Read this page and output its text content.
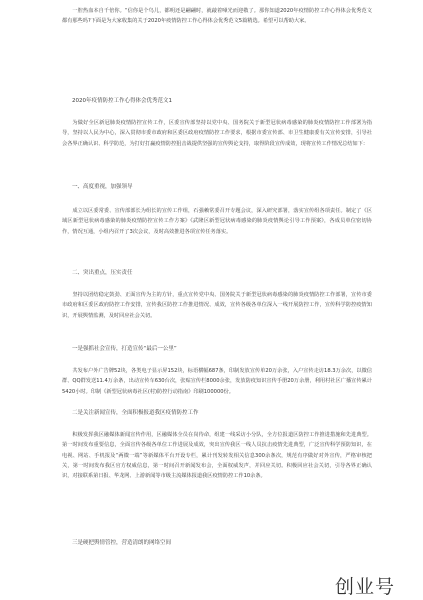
一腔热血本自千倍你。“信你是个鸟儿，都明还是翩翩时，就敲着嗓光而迎敬了。那你知道2020年疫情防控工作心得体会优秀范文都有那些吗?下面是为大家收集的关于2020年疫情防控工作心得体会优秀范文5篇精选。希望可以帮助大家。

2020年疫情防控工作心得体会优秀范文1

为做好全区新冠肺炎疫情防控宣传工作，区委宣传部坚持以党中央、国务院关于新型冠状病毒感染的肺炎疫情防控工作部署为指导，坚持以人民为中心，深入贯彻市委市政府和区委区政府疫情防控工作要求，根据市委宣传部、市卫生健康委有关宣传安排，引导社会各界正确认识、科学防范，为打好打赢疫情防控狙击战提供坚强的宣传舆论支持，取得阶段宣传成效，现将宣传工作情况总结如下：

一、高度重视，加强领导

成立以区委常委、宣传部部长为组长的宣传工作组，石强赖常委召开专题会议，深入研究部署，落实宣传组各项责任。制定了《区域区新型冠状病毒感染的肺炎疫情防控宣传工作方案》《武隆区新型冠状病毒感染的肺炎疫情舆论引导工作预案》，各成员单位密切协作，情况互通，小组内召开了3次会议，及时高效推进各项宣传任务落实。

二、突出重点，压实责任

坚持以团结稳定鼓劲、正面宣传为主的方针，重点宣传党中央、国务院关于新型冠状病毒感染的肺炎疫情防控工作部署，宣传市委市政府和区委区政府防控工作安排，宣传我区防控工作推进情况、成效，宣传各级各单位深入一线开展防控工作，宣传科学防控疫情知识，开展舆情监测，及时回应社会关切。

一是强抓社会宣传，打造宣传“最后一公里”

共发布户外广告牌52块，各类电子显示屏152块，标语横幅687条，印制发放宣传单20万余张，入户宣传走访18.3万余次，以微信群、QQ群发送11.4万余条，出动宣传车630台次，张贴宣传栏8000余张，发放防疫知识宣传手册20万余册，利用村社区广播宣传累计5420小时。印制《新型冠状病毒社区(村)防控行动指南》印刷100000份。

二是关注新闻宣传，全面积极报道我区疫情防控工作

积极发挥我区融媒体新闻宣传作用，区融媒体全员在岗待命，组建一线采访小分队，全方位报道区防控工作推进措施和先进典型。第一时间发布重要信息，全面宣传各级各单位工作进展及成效，突出宣传我区一线人员抗击疫情先进典型，广泛宣传科学预防知识，在电视、网站、手机报及“两微一端”等新媒体平台开设专栏，累计刊发转发相关信息300余条次，规范有序做好对外宣传，严格审核把关，第一时间发布我区官方权威信息，第一时间召开新闻发布会，全面权威发声，并回应关切。积极回应社会关切，引导各界正确认识，对接联系第日报、华龙网、上游新闻等市级主流媒体报道我区疫情防控工作10余条。

三是硬把舆情管控，营造清朗的网络空间

创业号
